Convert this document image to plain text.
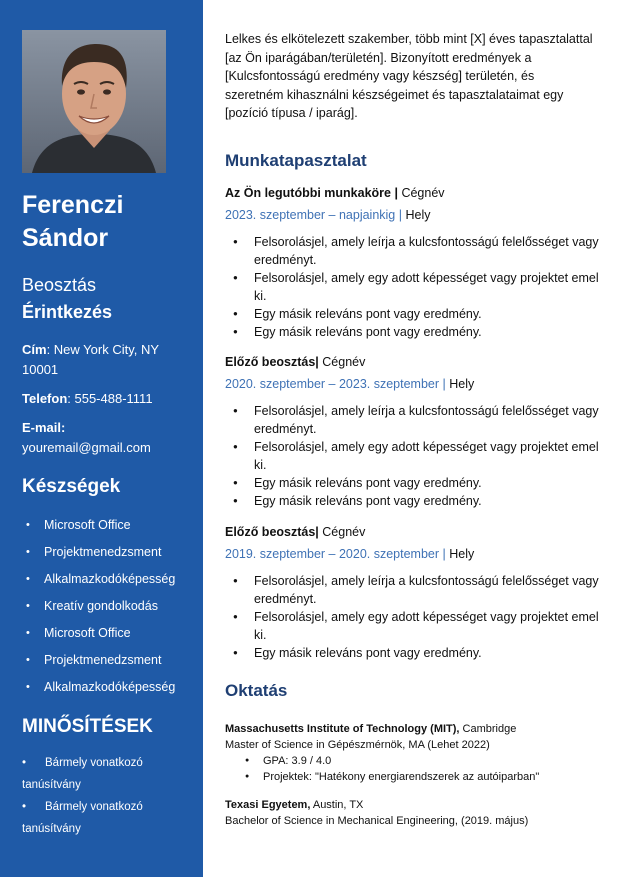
Ferenczi
Sándor
Beosztás
Érintkezés
Cím: New York City, NY 10001
Telefon: 555-488-1111
E-mail:
youremail@gmail.com
Készségek
• Microsoft Office
• Projektmenedzsment
• Alkalmazkodóképesség
• Kreatív gondolkodás
• Microsoft Office
• Projektmenedzsment
• Alkalmazkodóképesség
MINŐSÍTÉSEK
• Bármely vonatkozó tanúsítvány
• Bármely vonatkozó tanúsítvány

Lelkes és elkötelezett szakember, több mint [X] éves tapasztalattal [az Ön iparágában/területén]. Bizonyított eredmények a [Kulcsfontosságú eredmény vagy készség] területén, és szeretném kihasználni készségeimet és tapasztalataimat egy [pozíció típusa / iparág].

Munkatapasztalat
Az Ön legutóbbi munkaköre | Cégnév
2023. szeptember – napjainkig | Hely
● Felsorolásjel, amely leírja a kulcsfontosságú felelősséget vagy eredményt.
● Felsorolásjel, amely egy adott képességet vagy projektet emel ki.
● Egy másik releváns pont vagy eredmény.
● Egy másik releváns pont vagy eredmény.
Előző beosztás| Cégnév
2020. szeptember – 2023. szeptember | Hely
● Felsorolásjel, amely leírja a kulcsfontosságú felelősséget vagy eredményt.
● Felsorolásjel, amely egy adott képességet vagy projektet emel ki.
● Egy másik releváns pont vagy eredmény.
● Egy másik releváns pont vagy eredmény.
Előző beosztás| Cégnév
2019. szeptember – 2020. szeptember | Hely
● Felsorolásjel, amely leírja a kulcsfontosságú felelősséget vagy eredményt.
● Felsorolásjel, amely egy adott képességet vagy projektet emel ki.
● Egy másik releváns pont vagy eredmény.
Oktatás
Massachusetts Institute of Technology (MIT), Cambridge
Master of Science in Gépészmérnök, MA (Lehet 2022)
● GPA: 3.9 / 4.0
● Projektek: "Hatékony energiarendszerek az autóiparban"
Texasi Egyetem, Austin, TX
Bachelor of Science in Mechanical Engineering, (2019. május)
